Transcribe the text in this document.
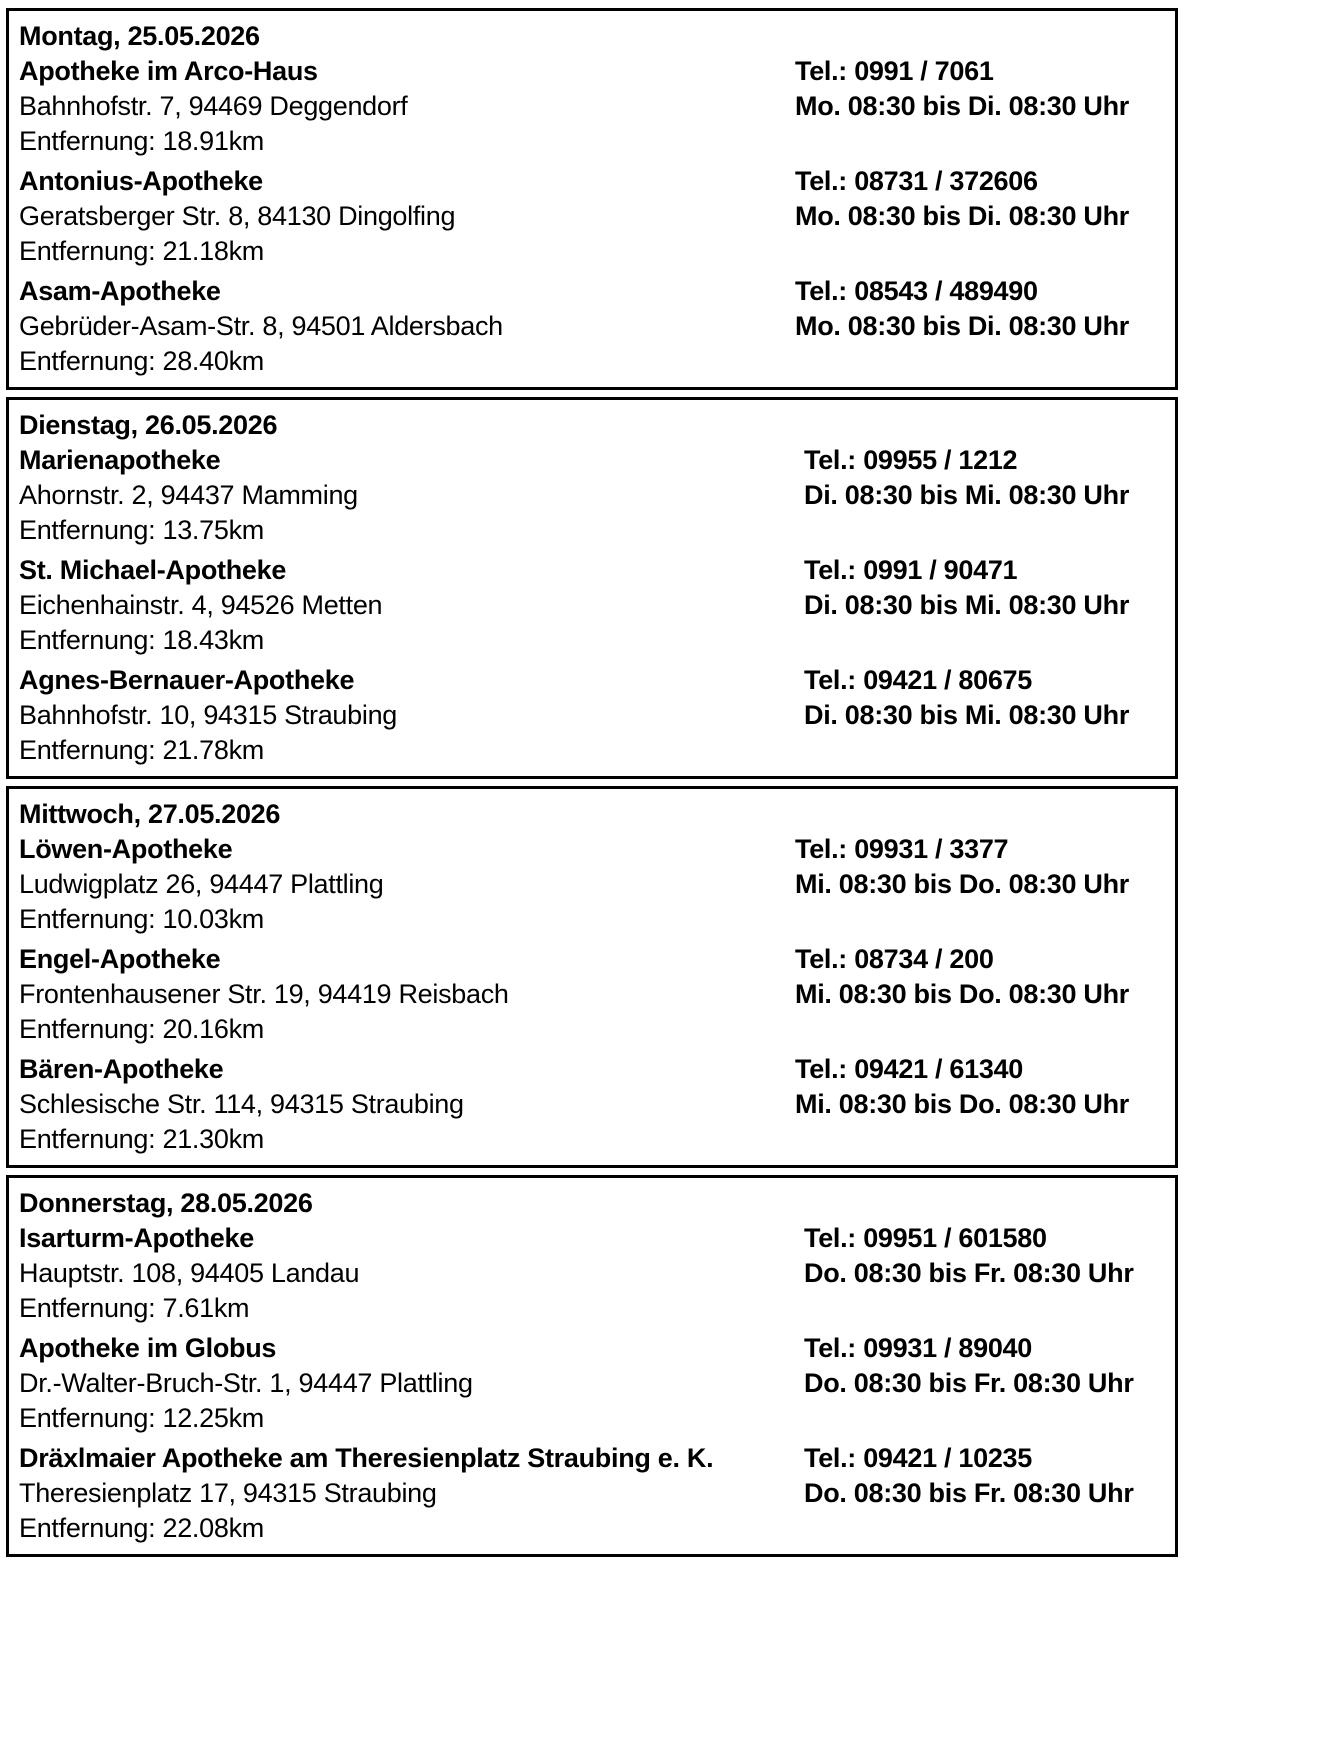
Montag, 25.05.2026
Apotheke im Arco-Haus
Bahnhofstr. 7, 94469 Deggendorf
Entfernung: 18.91km
Tel.: 0991 / 7061
Mo. 08:30 bis Di. 08:30 Uhr
Antonius-Apotheke
Geratsberger Str. 8, 84130 Dingolfing
Entfernung: 21.18km
Tel.: 08731 / 372606
Mo. 08:30 bis Di. 08:30 Uhr
Asam-Apotheke
Gebrüder-Asam-Str. 8, 94501 Aldersbach
Entfernung: 28.40km
Tel.: 08543 / 489490
Mo. 08:30 bis Di. 08:30 Uhr
Dienstag, 26.05.2026
Marienapotheke
Ahornstr. 2, 94437 Mamming
Entfernung: 13.75km
Tel.: 09955 / 1212
Di. 08:30 bis Mi. 08:30 Uhr
St. Michael-Apotheke
Eichenhainstr. 4, 94526 Metten
Entfernung: 18.43km
Tel.: 0991 / 90471
Di. 08:30 bis Mi. 08:30 Uhr
Agnes-Bernauer-Apotheke
Bahnhofstr. 10, 94315 Straubing
Entfernung: 21.78km
Tel.: 09421 / 80675
Di. 08:30 bis Mi. 08:30 Uhr
Mittwoch, 27.05.2026
Löwen-Apotheke
Ludwigplatz 26, 94447 Plattling
Entfernung: 10.03km
Tel.: 09931 / 3377
Mi. 08:30 bis Do. 08:30 Uhr
Engel-Apotheke
Frontenhausener Str. 19, 94419 Reisbach
Entfernung: 20.16km
Tel.: 08734 / 200
Mi. 08:30 bis Do. 08:30 Uhr
Bären-Apotheke
Schlesische Str. 114, 94315 Straubing
Entfernung: 21.30km
Tel.: 09421 / 61340
Mi. 08:30 bis Do. 08:30 Uhr
Donnerstag, 28.05.2026
Isarturm-Apotheke
Hauptstr. 108, 94405 Landau
Entfernung: 7.61km
Tel.: 09951 / 601580
Do. 08:30 bis Fr. 08:30 Uhr
Apotheke im Globus
Dr.-Walter-Bruch-Str. 1, 94447 Plattling
Entfernung: 12.25km
Tel.: 09931 / 89040
Do. 08:30 bis Fr. 08:30 Uhr
Dräxlmaier Apotheke am Theresienplatz Straubing e. K.
Theresienplatz 17, 94315 Straubing
Entfernung: 22.08km
Tel.: 09421 / 10235
Do. 08:30 bis Fr. 08:30 Uhr
